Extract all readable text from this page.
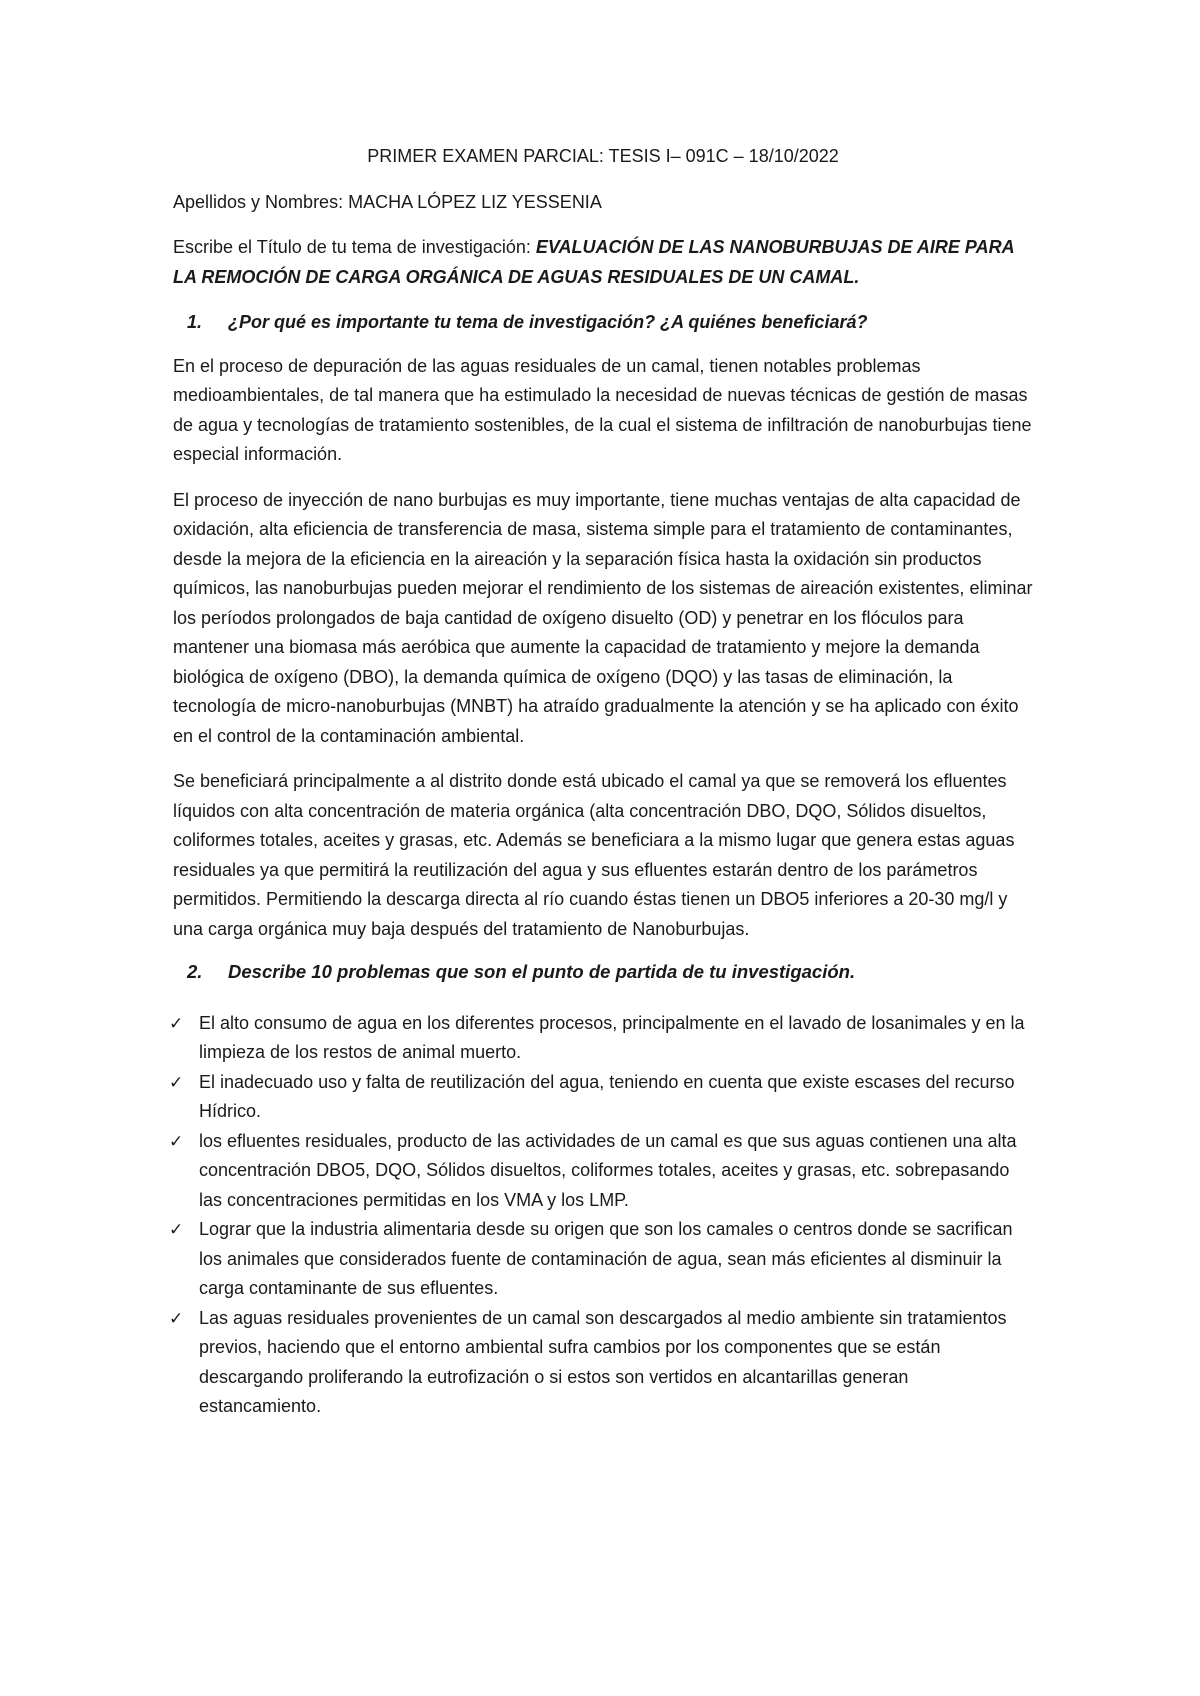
PRIMER EXAMEN PARCIAL: TESIS I– 091C – 18/10/2022

Apellidos y Nombres: MACHA LÓPEZ LIZ YESSENIA

Escribe el Título de tu tema de investigación: EVALUACIÓN DE LAS NANOBURBUJAS DE AIRE PARA LA REMOCIÓN DE CARGA ORGÁNICA DE AGUAS RESIDUALES DE UN CAMAL.

1.	¿Por qué es importante tu tema de investigación? ¿A quiénes beneficiará?

En el proceso de depuración de las aguas residuales de un camal, tienen notables problemas medioambientales, de tal manera que ha estimulado la necesidad de nuevas técnicas de gestión de masas de agua y tecnologías de tratamiento sostenibles, de la cual el sistema de infiltración de nanoburbujas tiene especial información.

El proceso de inyección de nano burbujas es muy importante, tiene muchas ventajas de alta capacidad de oxidación, alta eficiencia de transferencia de masa, sistema simple para el tratamiento de contaminantes, desde la mejora de la eficiencia en la aireación y la separación física hasta la oxidación sin productos químicos, las nanoburbujas pueden mejorar el rendimiento de los sistemas de aireación existentes, eliminar los períodos prolongados de baja cantidad de oxígeno disuelto (OD) y penetrar en los flóculos para mantener una biomasa más aeróbica que aumente la capacidad de tratamiento y mejore la demanda biológica de oxígeno (DBO), la demanda química de oxígeno (DQO) y las tasas de eliminación, la tecnología de micro-nanoburbujas (MNBT) ha atraído gradualmente la atención y se ha aplicado con éxito en el control de la contaminación ambiental.

Se beneficiará principalmente a al distrito donde está ubicado el camal ya que se removerá los efluentes líquidos con alta concentración de materia orgánica (alta concentración DBO, DQO, Sólidos disueltos, coliformes totales, aceites y grasas, etc. Además se beneficiara a la mismo lugar que genera estas aguas residuales ya que permitirá la reutilización del agua y sus efluentes estarán dentro de los parámetros permitidos. Permitiendo la descarga directa al río cuando éstas tienen un DBO5 inferiores a 20-30 mg/l y una carga orgánica muy baja después del tratamiento de Nanoburbujas.

2.	Describe 10 problemas que son el punto de partida de tu investigación.
✓ El alto consumo de agua en los diferentes procesos, principalmente en el lavado de losanimales y en la limpieza de los restos de animal muerto.
✓ El inadecuado uso y falta de reutilización del agua, teniendo en cuenta que existe escases del recurso Hídrico.
✓ los efluentes residuales, producto de las actividades de un camal es que sus aguas contienen una alta concentración DBO5, DQO, Sólidos disueltos, coliformes totales, aceites y grasas, etc. sobrepasando las concentraciones permitidas en los VMA y los LMP.
✓ Lograr que la industria alimentaria desde su origen que son los camales o centros donde se sacrifican los animales que considerados fuente de contaminación de agua, sean más eficientes al disminuir la carga contaminante de sus efluentes.
✓ Las aguas residuales provenientes de un camal son descargados al medio ambiente sin tratamientos previos, haciendo que el entorno ambiental sufra cambios por los componentes que se están descargando proliferando la eutrofización o si estos son vertidos en alcantarillas generan estancamiento.
